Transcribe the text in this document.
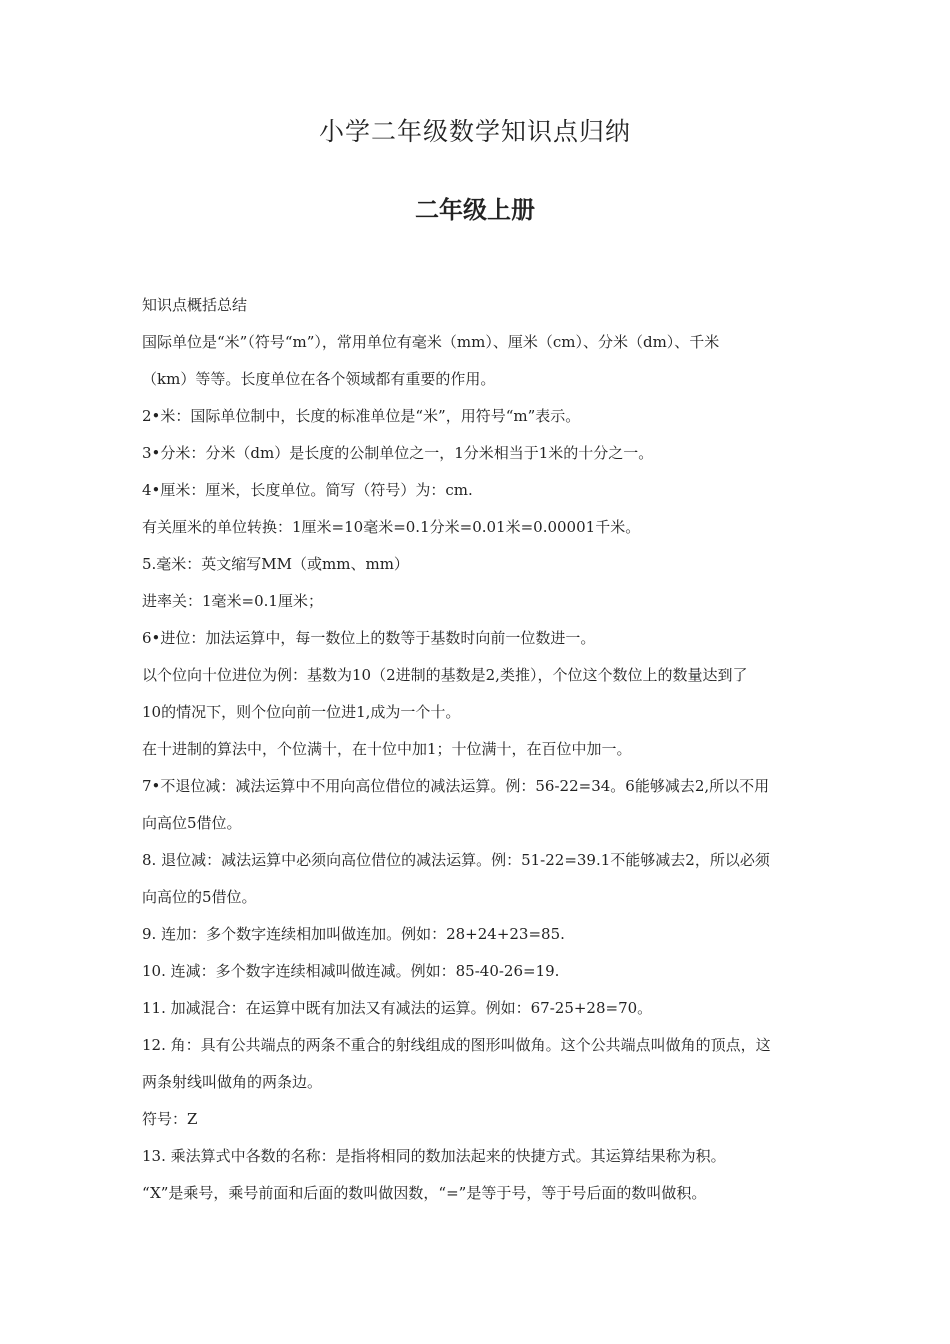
小学二年级数学知识点归纳
二年级上册

知识点概括总结

国际单位是“米”（符号“m”），常用单位有毫米（mm）、厘米（cm）、分米（dm）、千米

（km）等等。长度单位在各个领域都有重要的作用。

2•米：国际单位制中，长度的标准单位是“米”，用符号“m”表示。

3•分米：分米（dm）是长度的公制单位之一，1分米相当于1米的十分之一。

4•厘米：厘米，长度单位。简写（符号）为：cm.

有关厘米的单位转换：1厘米=10毫米=0.1分米=0.01米=0.00001千米。

5.毫米：英文缩写MM（或mm、mm）

进率关：1毫米=0.1厘米；

6•进位：加法运算中，每一数位上的数等于基数时向前一位数进一。

以个位向十位进位为例：基数为10（2进制的基数是2,类推），个位这个数位上的数量达到了

10的情况下，则个位向前一位进1,成为一个十。

在十进制的算法中，个位满十，在十位中加1；十位满十，在百位中加一。

7•不退位减：减法运算中不用向高位借位的减法运算。例：56-22=34。6能够减去2,所以不用

向高位5借位。

8. 退位减：减法运算中必须向高位借位的减法运算。例：51-22=39.1不能够减去2，所以必须

向高位的5借位。

9. 连加：多个数字连续相加叫做连加。例如：28+24+23=85.

10. 连减：多个数字连续相减叫做连减。例如：85-40-26=19.

11. 加减混合：在运算中既有加法又有减法的运算。例如：67-25+28=70。

12. 角：具有公共端点的两条不重合的射线组成的图形叫做角。这个公共端点叫做角的顶点，这

两条射线叫做角的两条边。

符号：Z

13. 乘法算式中各数的名称：是指将相同的数加法起来的快捷方式。其运算结果称为积。

“X”是乘号，乘号前面和后面的数叫做因数，“=”是等于号，等于号后面的数叫做积。
